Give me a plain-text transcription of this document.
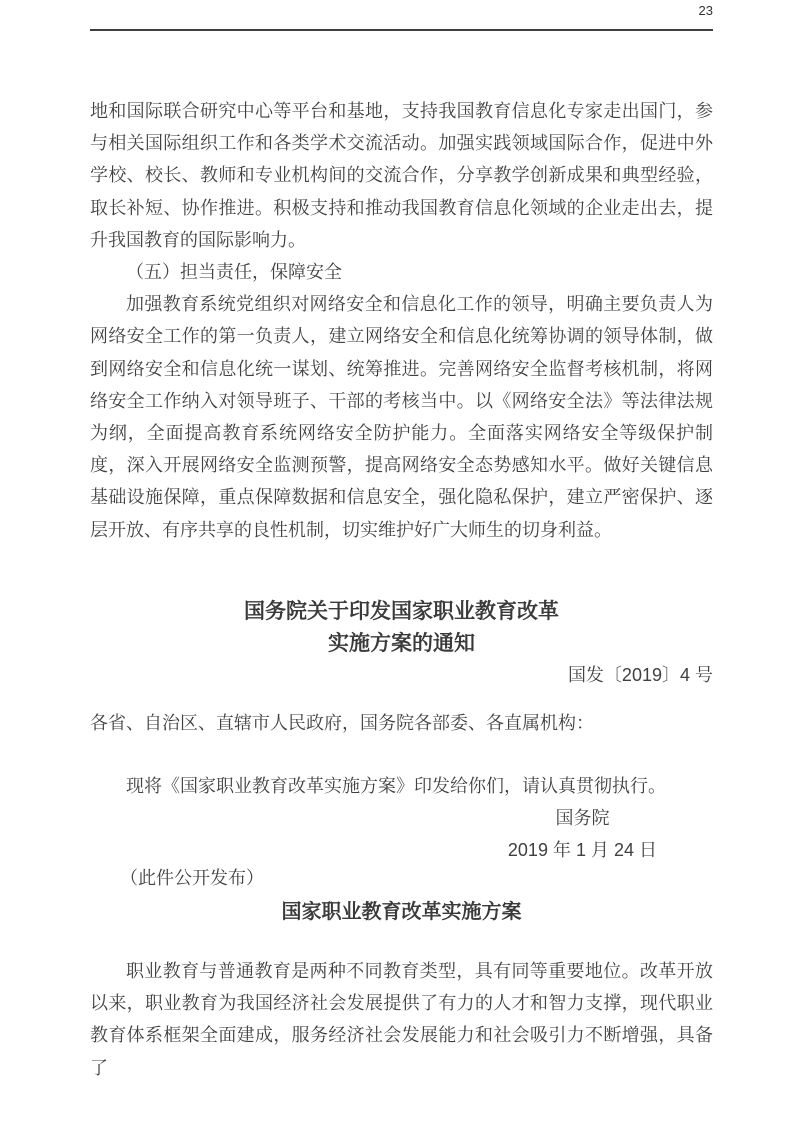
23

地和国际联合研究中心等平台和基地，支持我国教育信息化专家走出国门，参与相关国际组织工作和各类学术交流活动。加强实践领域国际合作，促进中外学校、校长、教师和专业机构间的交流合作，分享教学创新成果和典型经验，取长补短、协作推进。积极支持和推动我国教育信息化领域的企业走出去，提升我国教育的国际影响力。

（五）担当责任，保障安全

加强教育系统党组织对网络安全和信息化工作的领导，明确主要负责人为网络安全工作的第一负责人，建立网络安全和信息化统筹协调的领导体制，做到网络安全和信息化统一谋划、统筹推进。完善网络安全监督考核机制，将网络安全工作纳入对领导班子、干部的考核当中。以《网络安全法》等法律法规为纲，全面提高教育系统网络安全防护能力。全面落实网络安全等级保护制度，深入开展网络安全监测预警，提高网络安全态势感知水平。做好关键信息基础设施保障，重点保障数据和信息安全，强化隐私保护，建立严密保护、逐层开放、有序共享的良性机制，切实维护好广大师生的切身利益。

国务院关于印发国家职业教育改革
实施方案的通知
国发〔2019〕4 号
各省、自治区、直辖市人民政府，国务院各部委、各直属机构：
现将《国家职业教育改革实施方案》印发给你们，请认真贯彻执行。
国务院
2019 年 1 月 24 日
（此件公开发布）
国家职业教育改革实施方案
职业教育与普通教育是两种不同教育类型，具有同等重要地位。改革开放以来，职业教育为我国经济社会发展提供了有力的人才和智力支撑，现代职业教育体系框架全面建成，服务经济社会发展能力和社会吸引力不断增强，具备了
